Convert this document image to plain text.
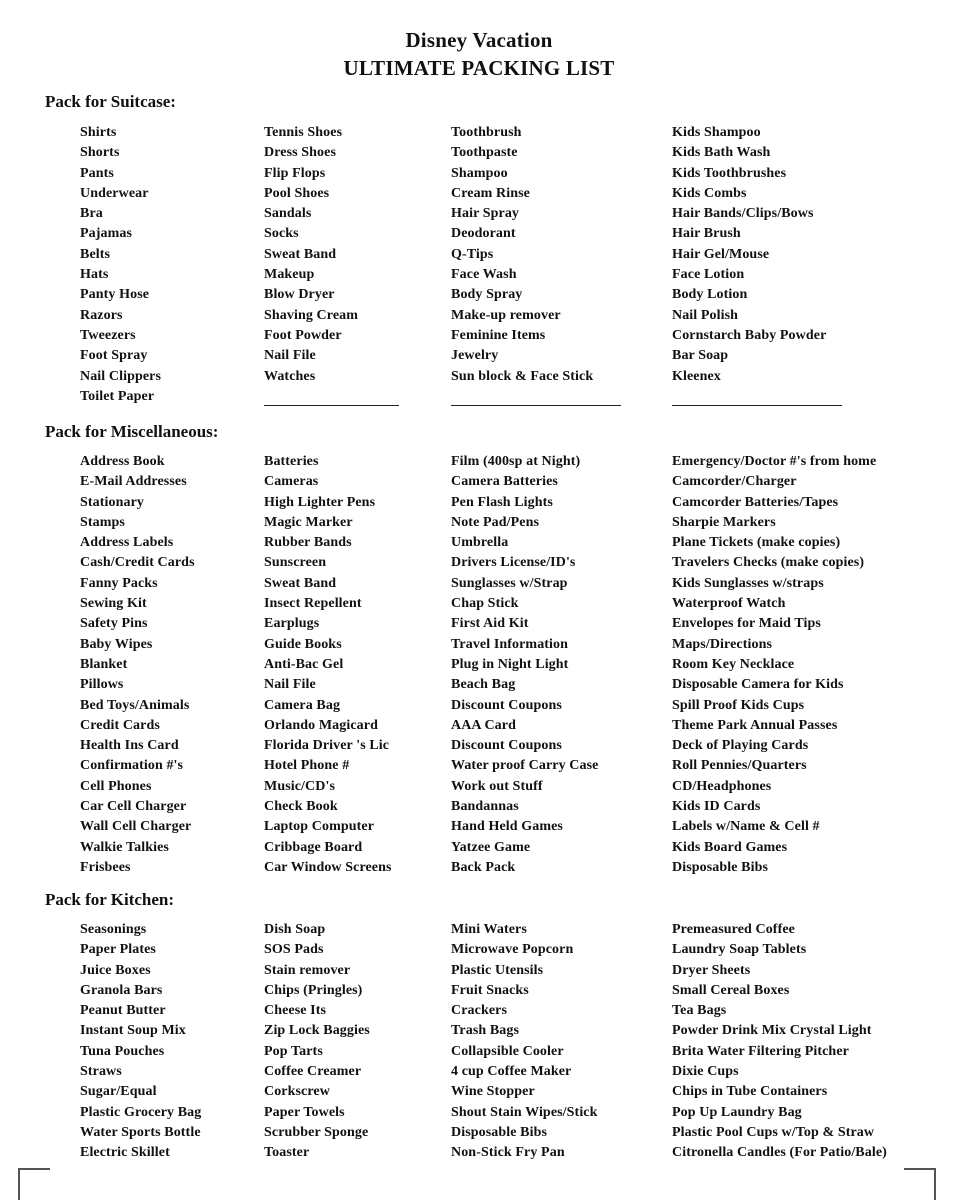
Disney Vacation
ULTIMATE PACKING LIST
Pack for Suitcase:
Shirts
Shorts
Pants
Underwear
Bra
Pajamas
Belts
Hats
Panty Hose
Razors
Tweezers
Foot Spray
Nail Clippers
Toilet Paper
Tennis Shoes
Dress Shoes
Flip Flops
Pool Shoes
Sandals
Socks
Sweat Band
Makeup
Blow Dryer
Shaving Cream
Foot Powder
Nail File
Watches
Toothbrush
Toothpaste
Shampoo
Cream Rinse
Hair Spray
Deodorant
Q-Tips
Face Wash
Body Spray
Make-up remover
Feminine Items
Jewelry
Sun block & Face Stick
Kids Shampoo
Kids Bath Wash
Kids Toothbrushes
Kids Combs
Hair Bands/Clips/Bows
Hair Brush
Hair Gel/Mouse
Face Lotion
Body Lotion
Nail Polish
Cornstarch Baby Powder
Bar Soap
Kleenex
Pack for Miscellaneous:
Address Book
E-Mail Addresses
Stationary
Stamps
Address Labels
Cash/Credit Cards
Fanny Packs
Sewing Kit
Safety Pins
Baby Wipes
Blanket
Pillows
Bed Toys/Animals
Credit Cards
Health Ins Card
Confirmation #'s
Cell Phones
Car Cell Charger
Wall Cell Charger
Walkie Talkies
Frisbees
Batteries
Cameras
High Lighter Pens
Magic Marker
Rubber Bands
Sunscreen
Sweat Band
Insect Repellent
Earplugs
Guide Books
Anti-Bac Gel
Nail File
Camera Bag
Orlando Magicard
Florida Driver 's Lic
Hotel Phone #
Music/CD's
Check Book
Laptop Computer
Cribbage Board
Car Window Screens
Film (400sp at Night)
Camera Batteries
Pen Flash Lights
Note Pad/Pens
Umbrella
Drivers License/ID's
Sunglasses w/Strap
Chap Stick
First Aid Kit
Travel Information
Plug in Night Light
Beach Bag
Discount Coupons
AAA Card
Discount Coupons
Water proof Carry Case
Work out Stuff
Bandannas
Hand Held Games
Yatzee Game
Back Pack
Emergency/Doctor #'s from home
Camcorder/Charger
Camcorder Batteries/Tapes
Sharpie Markers
Plane Tickets (make copies)
Travelers Checks (make copies)
Kids Sunglasses w/straps
Waterproof Watch
Envelopes for Maid Tips
Maps/Directions
Room Key Necklace
Disposable Camera for Kids
Spill Proof Kids Cups
Theme Park Annual Passes
Deck of Playing Cards
Roll Pennies/Quarters
CD/Headphones
Kids ID Cards
Labels w/Name & Cell #
Kids Board Games
Disposable Bibs
Pack for Kitchen:
Seasonings
Paper Plates
Juice Boxes
Granola Bars
Peanut Butter
Instant Soup Mix
Tuna Pouches
Straws
Sugar/Equal
Plastic Grocery Bag
Water Sports Bottle
Electric Skillet
Dish Soap
SOS Pads
Stain remover
Chips (Pringles)
Cheese Its
Zip Lock Baggies
Pop Tarts
Coffee Creamer
Corkscrew
Paper Towels
Scrubber Sponge
Toaster
Mini Waters
Microwave Popcorn
Plastic Utensils
Fruit Snacks
Crackers
Trash Bags
Collapsible Cooler
4 cup Coffee Maker
Wine Stopper
Shout Stain Wipes/Stick
Disposable Bibs
Non-Stick Fry Pan
Premeasured Coffee
Laundry Soap Tablets
Dryer Sheets
Small Cereal Boxes
Tea Bags
Powder Drink Mix Crystal Light
Brita Water Filtering Pitcher
Dixie Cups
Chips in Tube Containers
Pop Up Laundry Bag
Plastic Pool Cups w/Top & Straw
Citronella Candles (For Patio/Bale)
